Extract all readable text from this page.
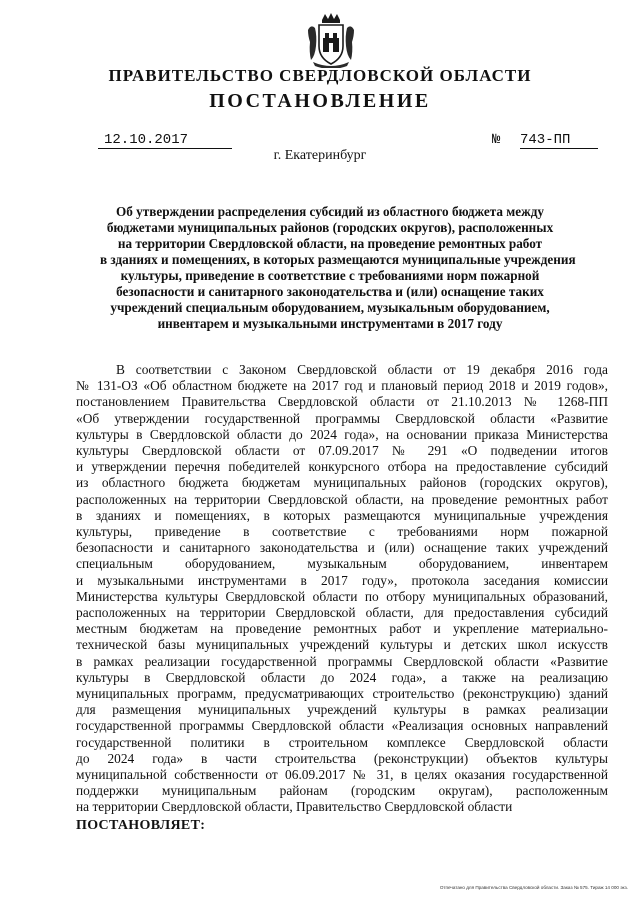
ПРАВИТЕЛЬСТВО СВЕРДЛОВСКОЙ ОБЛАСТИ
ПОСТАНОВЛЕНИЕ
12.10.2017	№ 743-ПП
г. Екатеринбург
Об утверждении распределения субсидий из областного бюджета между
бюджетами муниципальных районов (городских округов), расположенных
на территории Свердловской области, на проведение ремонтных работ
в зданиях и помещениях, в которых размещаются муниципальные учреждения
культуры, приведение в соответствие с требованиями норм пожарной
безопасности и санитарного законодательства и (или) оснащение таких
учреждений специальным оборудованием, музыкальным оборудованием,
инвентарем и музыкальными инструментами в 2017 году
В соответствии с Законом Свердловской области от 19 декабря 2016 года
№ 131-ОЗ «Об областном бюджете на 2017 год и плановый период 2018 и 2019 годов»,
постановлением Правительства Свердловской области от 21.10.2013 № 1268-ПП
«Об утверждении государственной программы Свердловской области «Развитие
культуры в Свердловской области до 2024 года», на основании приказа Министерства
культуры Свердловской области от 07.09.2017 № 291 «О подведении итогов
и утверждении перечня победителей конкурсного отбора на предоставление субсидий
из областного бюджета бюджетам муниципальных районов (городских округов),
расположенных на территории Свердловской области, на проведение ремонтных работ
в зданиях и помещениях, в которых размещаются муниципальные учреждения
культуры, приведение в соответствие с требованиями норм пожарной
безопасности и санитарного законодательства и (или) оснащение таких учреждений
специальным оборудованием, музыкальным оборудованием, инвентарем
и музыкальными инструментами в 2017 году», протокола заседания комиссии
Министерства культуры Свердловской области по отбору муниципальных образований,
расположенных на территории Свердловской области, для предоставления субсидий
местным бюджетам на проведение ремонтных работ и укрепление материально-
технической базы муниципальных учреждений культуры и детских школ искусств
в рамках реализации государственной программы Свердловской области «Развитие
культуры в Свердловской области до 2024 года», а также на реализацию
муниципальных программ, предусматривающих строительство (реконструкцию) зданий
для размещения муниципальных учреждений культуры в рамках реализации
государственной программы Свердловской области «Реализация основных направлений
государственной политики в строительном комплексе Свердловской области
до 2024 года» в части строительства (реконструкции) объектов культуры
муниципальной собственности от 06.09.2017 № 31, в целях оказания государственной
поддержки муниципальным районам (городским округам), расположенным
на территории Свердловской области, Правительство Свердловской области
ПОСТАНОВЛЯЕТ:
Отпечатано для Правительства Свердловской области. Заказ № 575. Тираж 14 000 экз.
